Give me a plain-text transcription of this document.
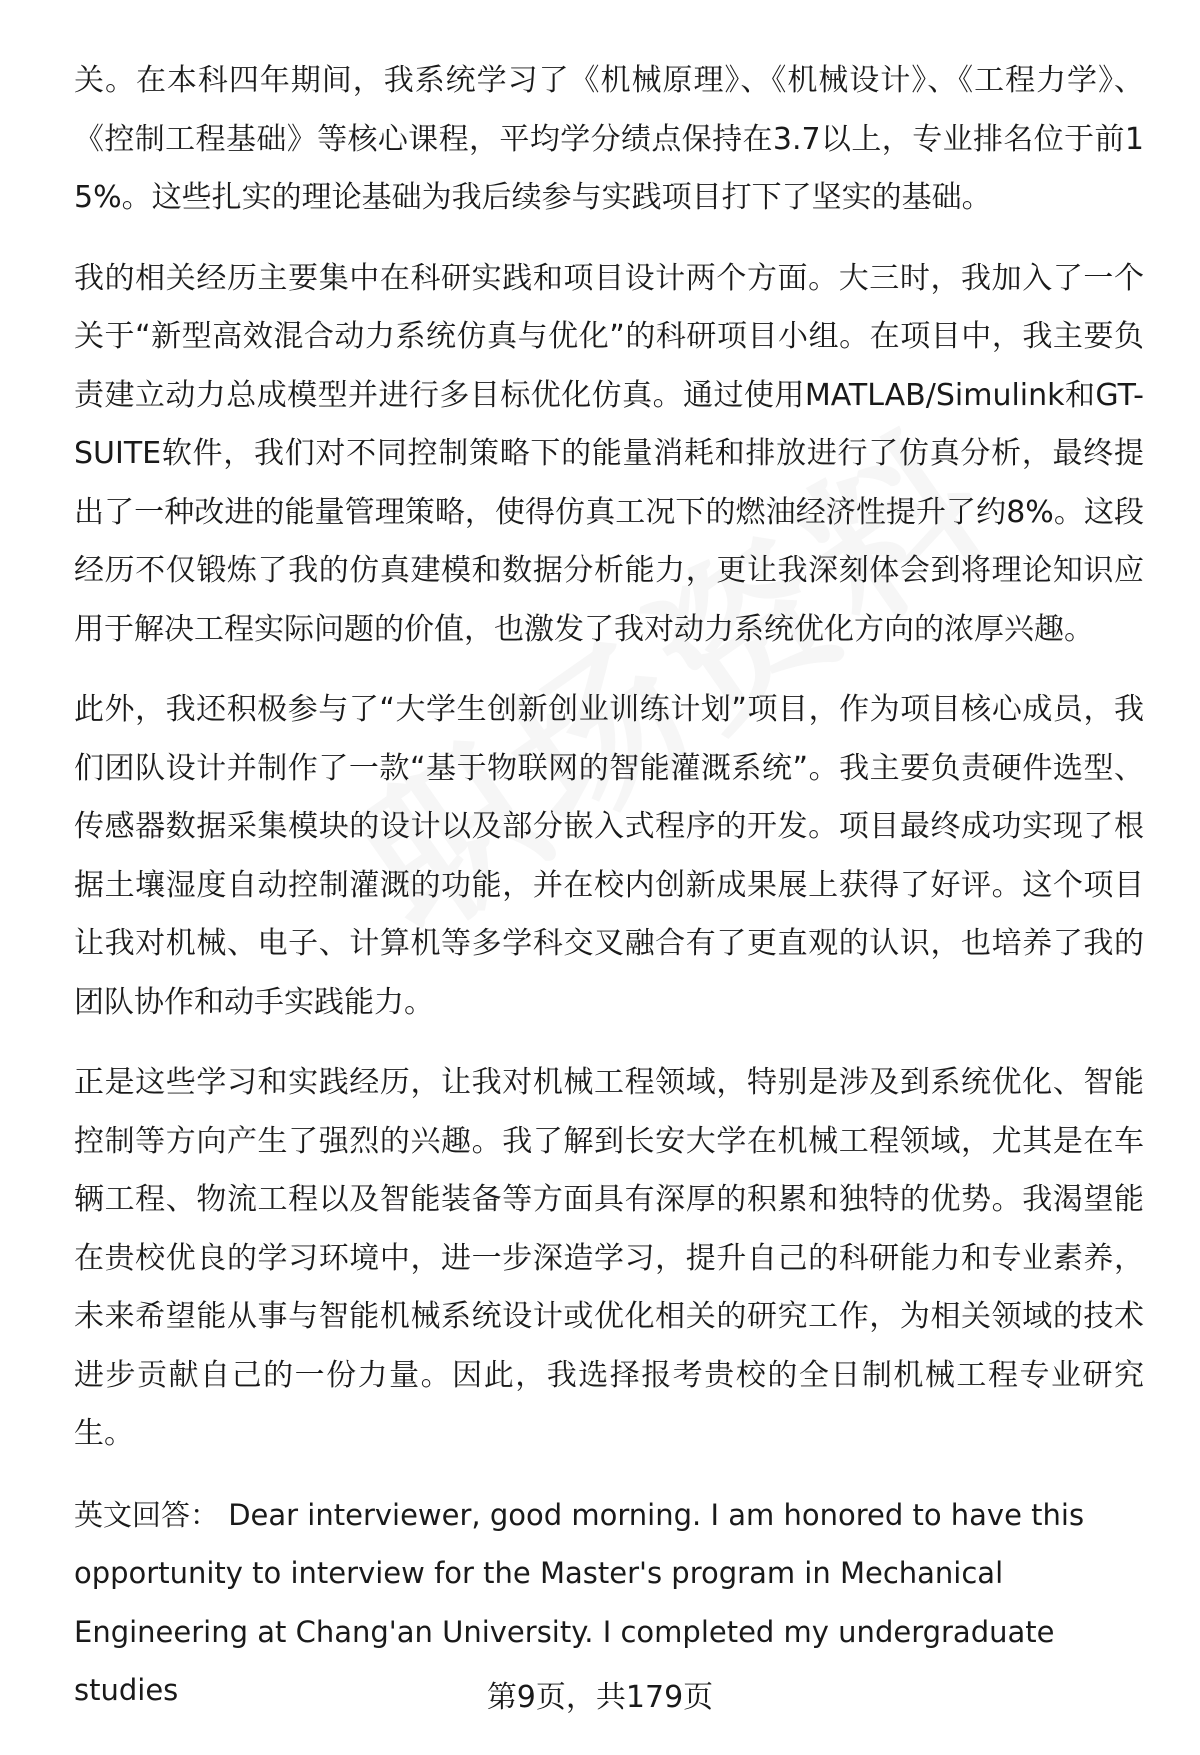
关。在本科四年期间，我系统学习了《机械原理》、《机械设计》、《工程力学》、《控制工程基础》等核心课程，平均学分绩点保持在3.7以上，专业排名位于前15%。这些扎实的理论基础为我后续参与实践项目打下了坚实的基础。

我的相关经历主要集中在科研实践和项目设计两个方面。大三时，我加入了一个关于“新型高效混合动力系统仿真与优化”的科研项目小组。在项目中，我主要负责建立动力总成模型并进行多目标优化仿真。通过使用MATLAB/Simulink和GT-SUITE软件，我们对不同控制策略下的能量消耗和排放进行了仿真分析，最终提出了一种改进的能量管理策略，使得仿真工况下的燃油经济性提升了约8%。这段经历不仅锻炼了我的仿真建模和数据分析能力，更让我深刻体会到将理论知识应用于解决工程实际问题的价值，也激发了我对动力系统优化方向的浓厚兴趣。

此外，我还积极参与了“大学生创新创业训练计划”项目，作为项目核心成员，我们团队设计并制作了一款“基于物联网的智能灌溉系统”。我主要负责硬件选型、传感器数据采集模块的设计以及部分嵌入式程序的开发。项目最终成功实现了根据土壤湿度自动控制灌溉的功能，并在校内创新成果展上获得了好评。这个项目让我对机械、电子、计算机等多学科交叉融合有了更直观的认识，也培养了我的团队协作和动手实践能力。

正是这些学习和实践经历，让我对机械工程领域，特别是涉及到系统优化、智能控制等方向产生了强烈的兴趣。我了解到长安大学在机械工程领域，尤其是在车辆工程、物流工程以及智能装备等方面具有深厚的积累和独特的优势。我渴望能在贵校优良的学习环境中，进一步深造学习，提升自己的科研能力和专业素养，未来希望能从事与智能机械系统设计或优化相关的研究工作，为相关领域的技术进步贡献自己的一份力量。因此，我选择报考贵校的全日制机械工程专业研究生。

英文回答： Dear interviewer, good morning. I am honored to have this opportunity to interview for the Master's program in Mechanical Engineering at Chang'an University. I completed my undergraduate studies	第9页，共179页
